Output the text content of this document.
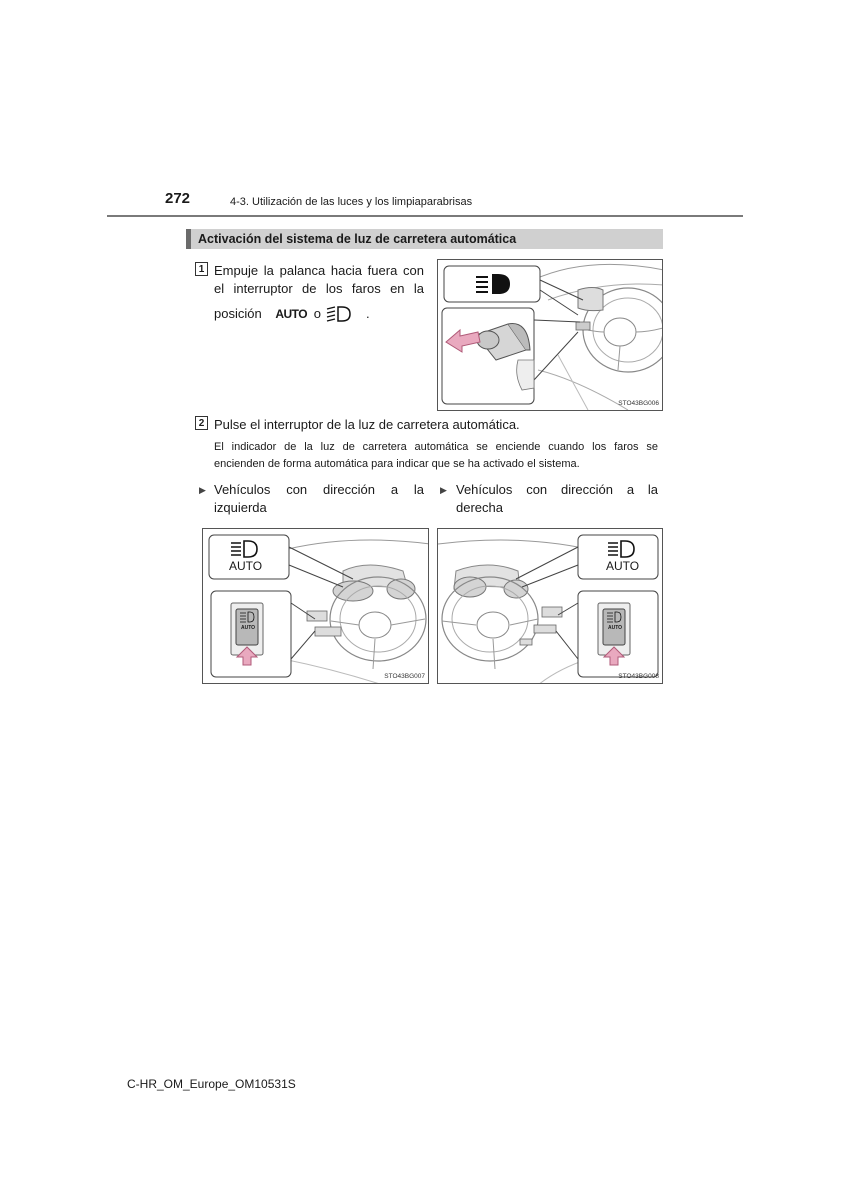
272	4-3. Utilización de las luces y los limpiaparabrisas
Activación del sistema de luz de carretera automática
1 Empuje la palanca hacia fuera con
el interruptor de los faros en la
posición AUTO o	.
STO43BG006
2 Pulse el interruptor de la luz de carretera automática.
El indicador de la luz de carretera automática se enciende cuando los faros se
encienden de forma automática para indicar que se ha activado el sistema.
▶ Vehículos con dirección a la
izquierda
▶ Vehículos con dirección a la
derecha
AUTO
AUTO
STO43BG007
AUTO
AUTO
STO43BG008
C-HR_OM_Europe_OM10531S
